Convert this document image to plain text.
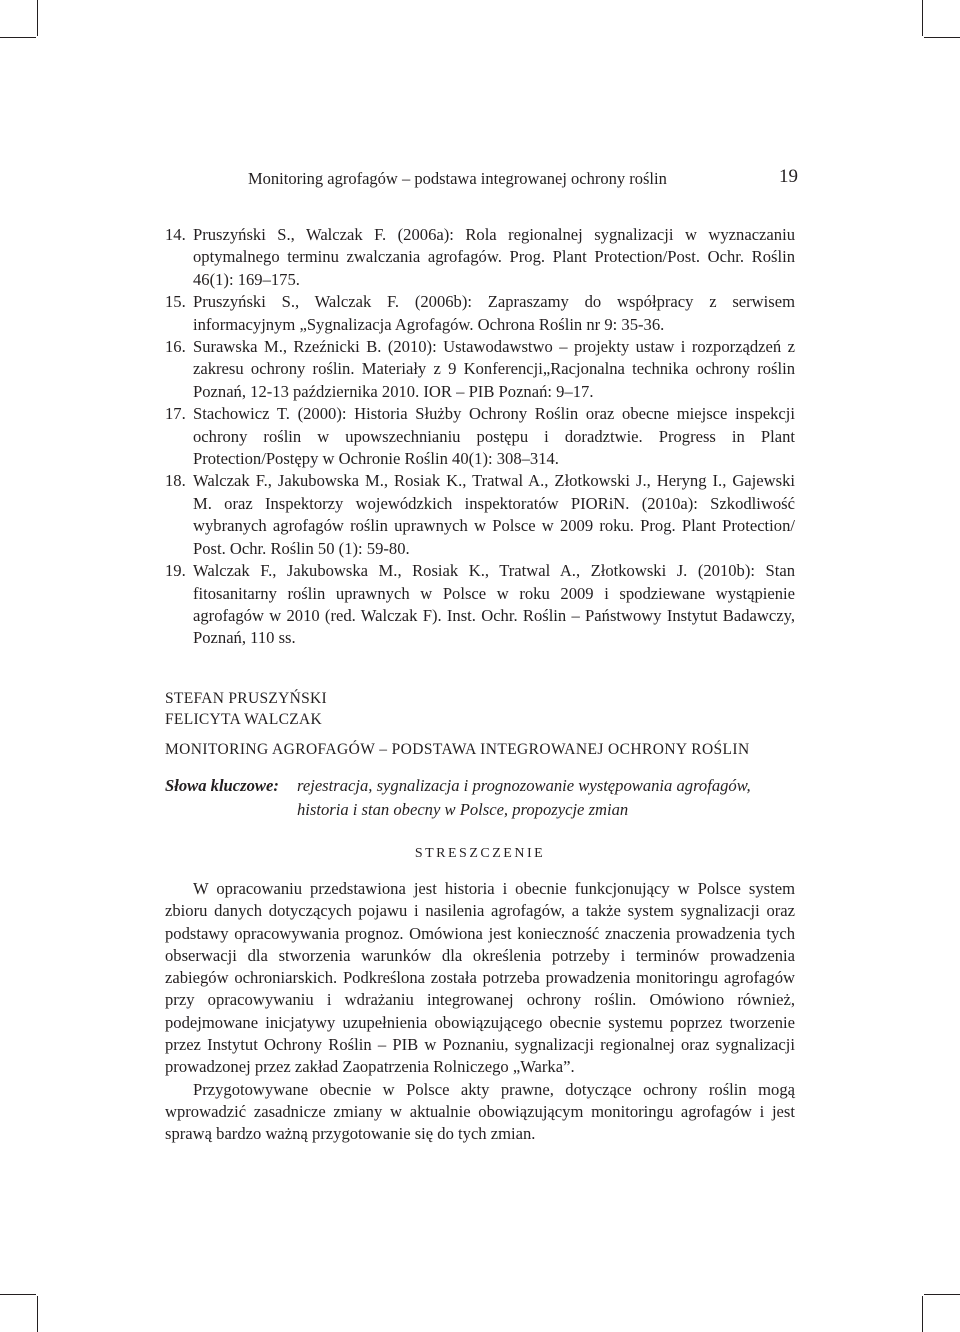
Monitoring agrofagów – podstawa integrowanej ochrony roślin	19
14. Pruszyński S., Walczak F. (2006a): Rola regionalnej sygnalizacji w wyznaczaniu optymalnego terminu zwalczania agrofagów. Prog. Plant Protection/Post. Ochr. Roślin 46(1): 169–175.
15. Pruszyński S., Walczak F. (2006b): Zapraszamy do współpracy z serwisem informacyjnym „Sygnalizacja Agrofagów. Ochrona Roślin nr 9: 35-36.
16. Surawska M., Rzeźnicki B. (2010): Ustawodawstwo – projekty ustaw i rozporządzeń z zakresu ochrony roślin. Materiały z 9 Konferencji„Racjonalna technika ochrony roślin Poznań, 12-13 października 2010. IOR – PIB Poznań: 9–17.
17. Stachowicz T. (2000): Historia Służby Ochrony Roślin oraz obecne miejsce inspekcji ochrony roślin w upowszechnianiu postępu i doradztwie. Progress in Plant Protection/Postępy w Ochronie Roślin 40(1): 308–314.
18. Walczak F., Jakubowska M., Rosiak K., Tratwal A., Złotkowski J., Heryng I., Gajewski M. oraz Inspektorzy wojewódzkich inspektoratów PIORiN. (2010a): Szkodliwość wybranych agrofagów roślin uprawnych w Polsce w 2009 roku. Prog. Plant Protection/ Post. Ochr. Roślin 50 (1): 59-80.
19. Walczak F., Jakubowska M., Rosiak K., Tratwal A., Złotkowski J. (2010b): Stan fitosanitarny roślin uprawnych w Polsce w roku 2009 i spodziewane wystąpienie agrofagów w 2010 (red. Walczak F). Inst. Ochr. Roślin – Państwowy Instytut Badawczy, Poznań, 110 ss.
STEFAN PRUSZYŃSKI
FELICYTA WALCZAK
MONITORING AGROFAGÓW – PODSTAWA INTEGROWANEJ OCHRONY ROŚLIN
Słowa kluczowe: rejestracja, sygnalizacja i prognozowanie występowania agrofagów, historia i stan obecny w Polsce, propozycje zmian
STRESZCZENIE

W opracowaniu przedstawiona jest historia i obecnie funkcjonujący w Polsce system zbioru danych dotyczących pojawu i nasilenia agrofagów, a także system sygnalizacji oraz podstawy opracowywania prognoz. Omówiona jest konieczność znaczenia prowadzenia tych obserwacji dla stworzenia warunków dla określenia potrzeby i terminów prowadzenia zabiegów ochroniarskich. Podkreślona została potrzeba prowadzenia monitoringu agrofagów przy opracowywaniu i wdrażaniu integrowanej ochrony roślin. Omówiono również, podejmowane inicjatywy uzupełnienia obowiązującego obecnie systemu poprzez tworzenie przez Instytut Ochrony Roślin – PIB w Poznaniu, sygnalizacji regionalnej oraz sygnalizacji prowadzonej przez zakład Zaopatrzenia Rolniczego „Warka”.

Przygotowywane obecnie w Polsce akty prawne, dotyczące ochrony roślin mogą wprowadzić zasadnicze zmiany w aktualnie obowiązującym monitoringu agrofagów i jest sprawą bardzo ważną przygotowanie się do tych zmian.
